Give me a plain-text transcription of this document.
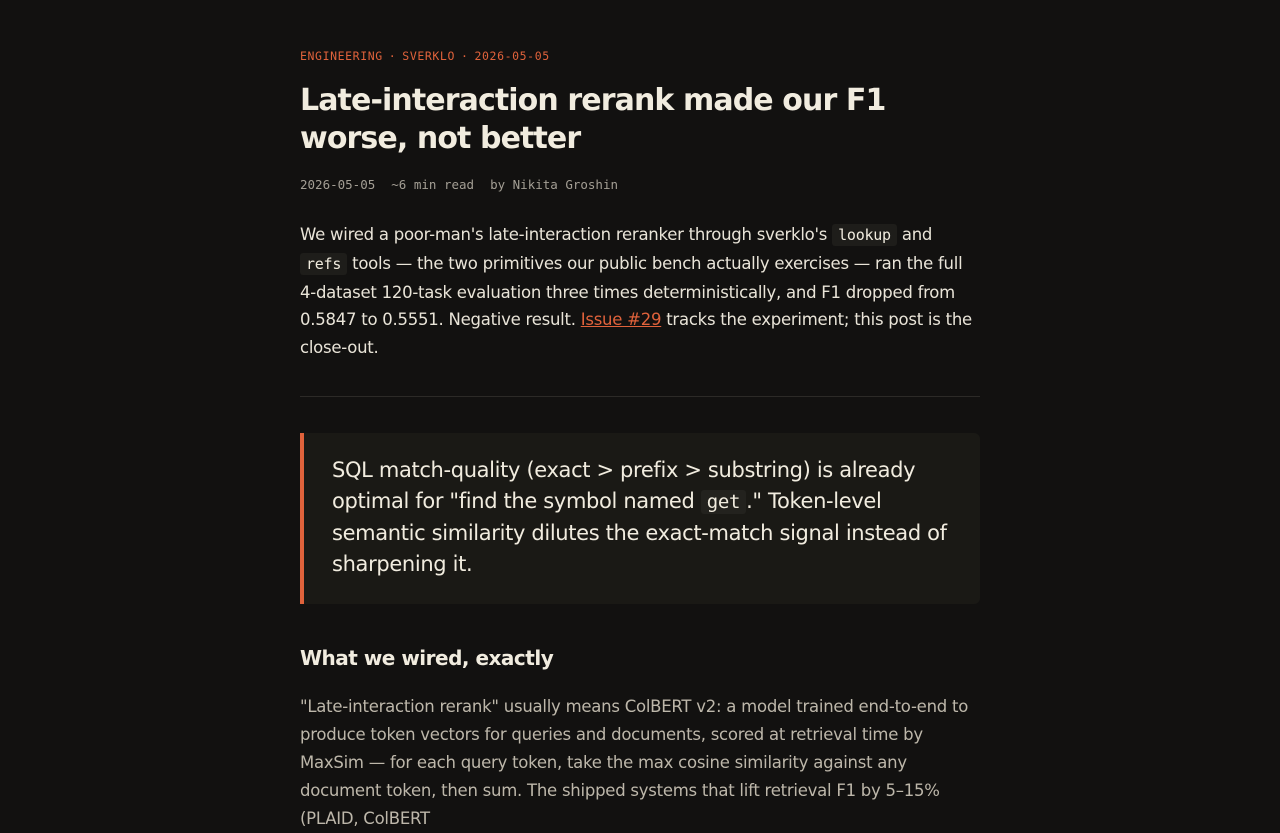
ENGINEERING · SVERKLO · 2026-05-05
Late-interaction rerank made our F1 worse, not better
2026-05-05 ~6 min read by Nikita Groshin

We wired a poor-man's late-interaction reranker through sverklo's lookup and refs tools — the two primitives our public bench actually exercises — ran the full 4-dataset 120-task evaluation three times deterministically, and F1 dropped from 0.5847 to 0.5551. Negative result. Issue #29 tracks the experiment; this post is the close-out.

SQL match-quality (exact > prefix > substring) is already optimal for "find the symbol named get ." Token-level semantic similarity dilutes the exact-match signal instead of sharpening it.

What we wired, exactly

"Late-interaction rerank" usually means ColBERT v2: a model trained end-to-end to produce token vectors for queries and documents, scored at retrieval time by MaxSim — for each query token, take the max cosine similarity against any document token, then sum. The shipped systems that lift retrieval F1 by 5–15% (PLAID, ColBERT
